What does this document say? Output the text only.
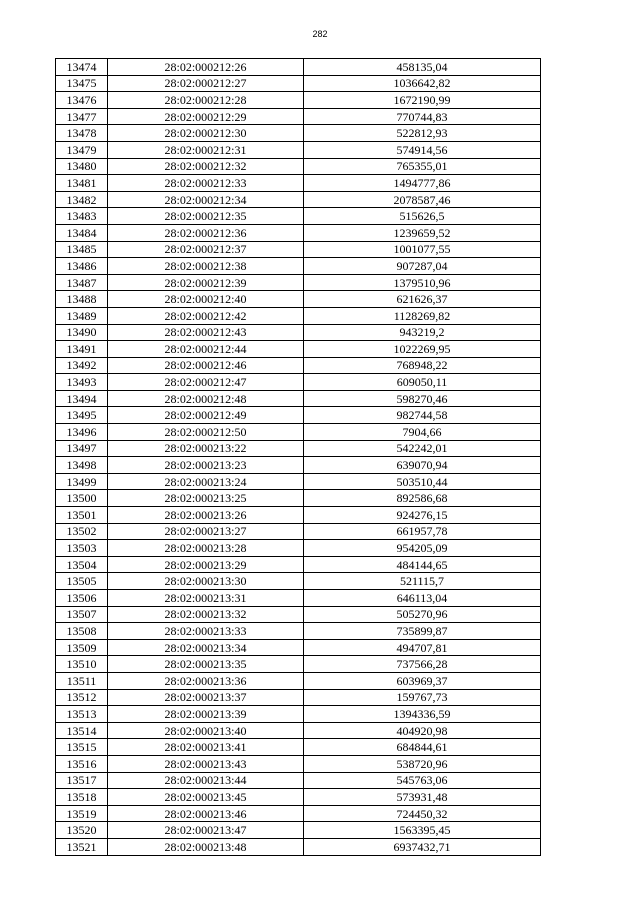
282
13474	28:02:000212:26	458135,04
13475	28:02:000212:27	1036642,82
13476	28:02:000212:28	1672190,99
13477	28:02:000212:29	770744,83
13478	28:02:000212:30	522812,93
13479	28:02:000212:31	574914,56
13480	28:02:000212:32	765355,01
13481	28:02:000212:33	1494777,86
13482	28:02:000212:34	2078587,46
13483	28:02:000212:35	515626,5
13484	28:02:000212:36	1239659,52
13485	28:02:000212:37	1001077,55
13486	28:02:000212:38	907287,04
13487	28:02:000212:39	1379510,96
13488	28:02:000212:40	621626,37
13489	28:02:000212:42	1128269,82
13490	28:02:000212:43	943219,2
13491	28:02:000212:44	1022269,95
13492	28:02:000212:46	768948,22
13493	28:02:000212:47	609050,11
13494	28:02:000212:48	598270,46
13495	28:02:000212:49	982744,58
13496	28:02:000212:50	7904,66
13497	28:02:000213:22	542242,01
13498	28:02:000213:23	639070,94
13499	28:02:000213:24	503510,44
13500	28:02:000213:25	892586,68
13501	28:02:000213:26	924276,15
13502	28:02:000213:27	661957,78
13503	28:02:000213:28	954205,09
13504	28:02:000213:29	484144,65
13505	28:02:000213:30	521115,7
13506	28:02:000213:31	646113,04
13507	28:02:000213:32	505270,96
13508	28:02:000213:33	735899,87
13509	28:02:000213:34	494707,81
13510	28:02:000213:35	737566,28
13511	28:02:000213:36	603969,37
13512	28:02:000213:37	159767,73
13513	28:02:000213:39	1394336,59
13514	28:02:000213:40	404920,98
13515	28:02:000213:41	684844,61
13516	28:02:000213:43	538720,96
13517	28:02:000213:44	545763,06
13518	28:02:000213:45	573931,48
13519	28:02:000213:46	724450,32
13520	28:02:000213:47	1563395,45
13521	28:02:000213:48	6937432,71
